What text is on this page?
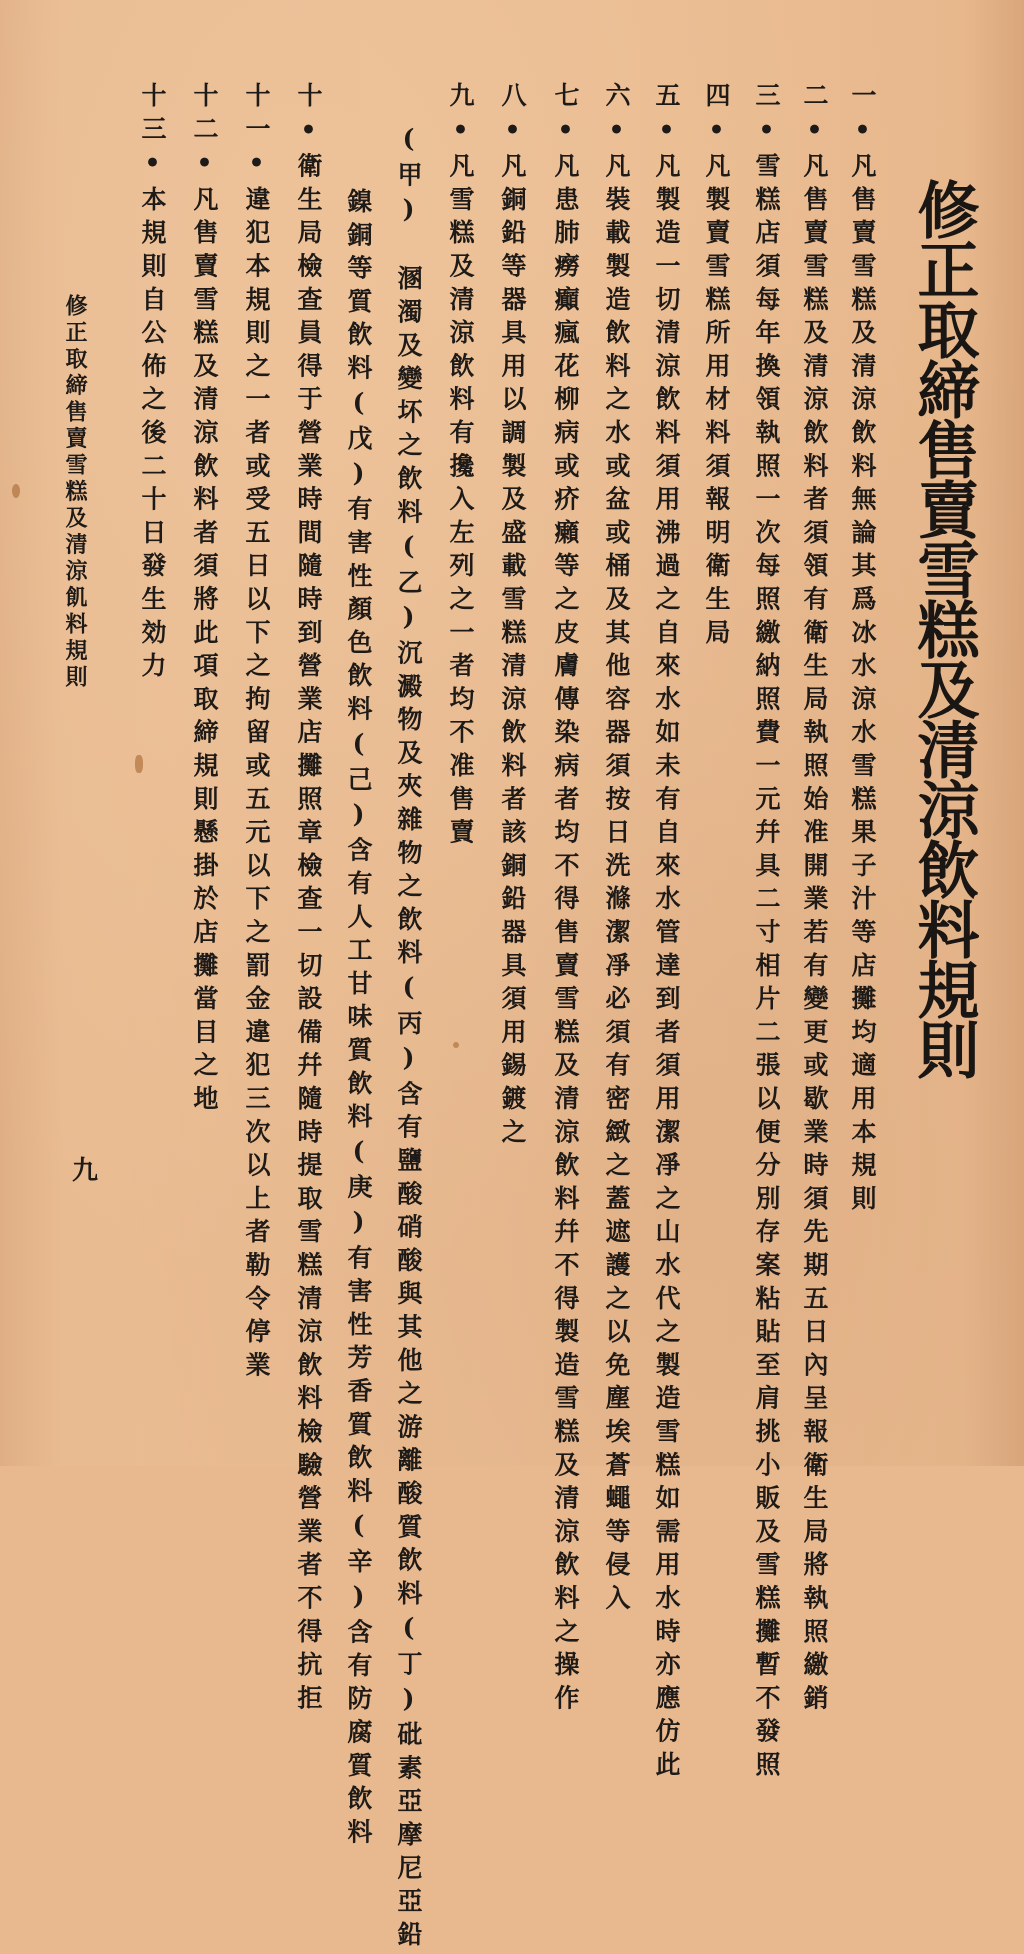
修正取締售賣雪糕及清涼飲料規則
一•凡售賣雪糕及清涼飲料無論其爲冰水涼水雪糕果子汁等店攤均適用本規則
二•凡售賣雪糕及清涼飲料者須領有衛生局執照始准開業若有變更或歇業時須先期五日內呈報衛生局將執照繳銷
三•雪糕店須每年換領執照一次每照繳納照費一元幷具二寸相片二張以便分別存案粘貼至肩挑小販及雪糕攤暫不發照
四•凡製賣雪糕所用材料須報明衛生局
五•凡製造一切清涼飲料須用沸過之自來水如未有自來水管達到者須用潔凈之山水代之製造雪糕如需用水時亦應仿此
六•凡裝載製造飲料之水或盆或桶及其他容器須按日洗滌潔凈必須有密緻之蓋遮護之以免塵埃蒼蠅等侵入
七•凡患肺癆癲瘋花柳病或疥癩等之皮膚傳染病者均不得售賣雪糕及清涼飲料幷不得製造雪糕及清涼飲料之操作
八•凡銅鉛等器具用以調製及盛載雪糕清涼飲料者該銅鉛器具須用錫鍍之
九•凡雪糕及清涼飲料有攙入左列之一者均不准售賣
(甲)　溷濁及變坏之飲料(乙)沉澱物及夾雜物之飲料(丙)含有鹽酸硝酸與其他之游離酸質飲料(丁)砒素亞摩尼亞鉛
鎳銅等質飲料(戊)有害性顏色飲料(己)含有人工甘味質飲料(庚)有害性芳香質飲料(辛)含有防腐質飲料
十•衛生局檢查員得于營業時間隨時到營業店攤照章檢查一切設備幷隨時提取雪糕清涼飲料檢驗營業者不得抗拒
十一•違犯本規則之一者或受五日以下之拘留或五元以下之罰金違犯三次以上者勒令停業
十二•凡售賣雪糕及清涼飲料者須將此項取締規則懸掛於店攤當目之地
十三•本規則自公佈之後二十日發生効力
修正取締售賣雪糕及清涼飢料規則
九
